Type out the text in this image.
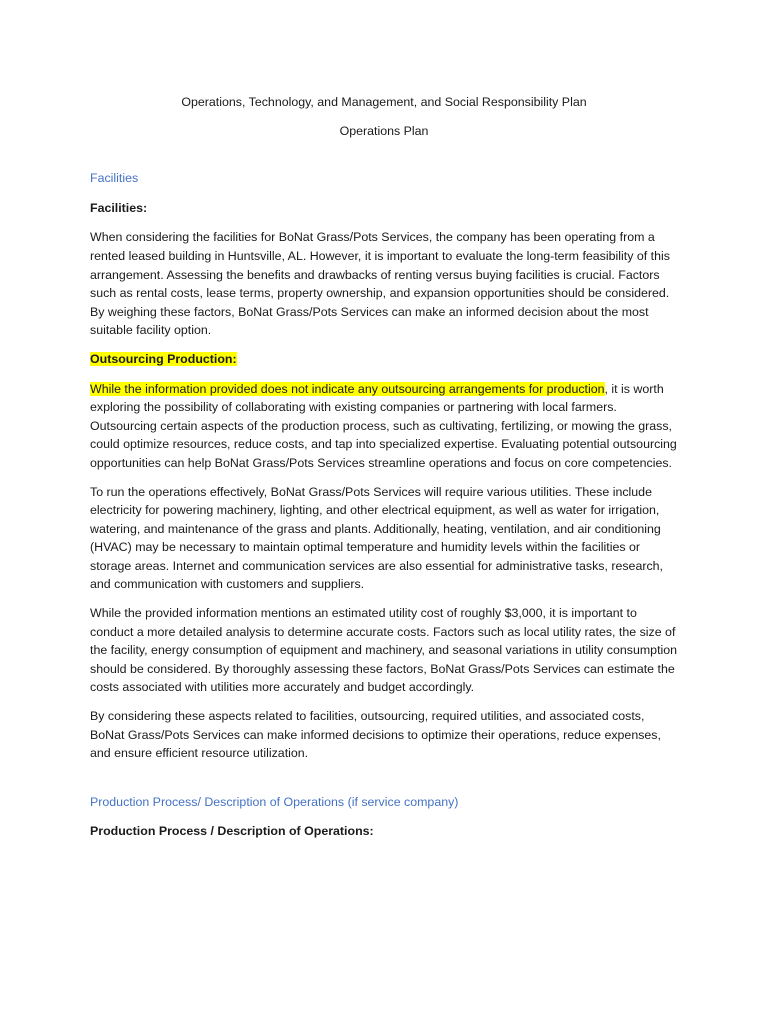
Operations, Technology, and Management, and Social Responsibility Plan
Operations Plan
Facilities
Facilities:

When considering the facilities for BoNat Grass/Pots Services, the company has been operating from a rented leased building in Huntsville, AL. However, it is important to evaluate the long-term feasibility of this arrangement. Assessing the benefits and drawbacks of renting versus buying facilities is crucial. Factors such as rental costs, lease terms, property ownership, and expansion opportunities should be considered. By weighing these factors, BoNat Grass/Pots Services can make an informed decision about the most suitable facility option.

Outsourcing Production:

While the information provided does not indicate any outsourcing arrangements for production, it is worth exploring the possibility of collaborating with existing companies or partnering with local farmers. Outsourcing certain aspects of the production process, such as cultivating, fertilizing, or mowing the grass, could optimize resources, reduce costs, and tap into specialized expertise. Evaluating potential outsourcing opportunities can help BoNat Grass/Pots Services streamline operations and focus on core competencies.

To run the operations effectively, BoNat Grass/Pots Services will require various utilities. These include electricity for powering machinery, lighting, and other electrical equipment, as well as water for irrigation, watering, and maintenance of the grass and plants. Additionally, heating, ventilation, and air conditioning (HVAC) may be necessary to maintain optimal temperature and humidity levels within the facilities or storage areas. Internet and communication services are also essential for administrative tasks, research, and communication with customers and suppliers.

While the provided information mentions an estimated utility cost of roughly $3,000, it is important to conduct a more detailed analysis to determine accurate costs. Factors such as local utility rates, the size of the facility, energy consumption of equipment and machinery, and seasonal variations in utility consumption should be considered. By thoroughly assessing these factors, BoNat Grass/Pots Services can estimate the costs associated with utilities more accurately and budget accordingly.

By considering these aspects related to facilities, outsourcing, required utilities, and associated costs, BoNat Grass/Pots Services can make informed decisions to optimize their operations, reduce expenses, and ensure efficient resource utilization.

Production Process/ Description of Operations (if service company)
Production Process / Description of Operations:
